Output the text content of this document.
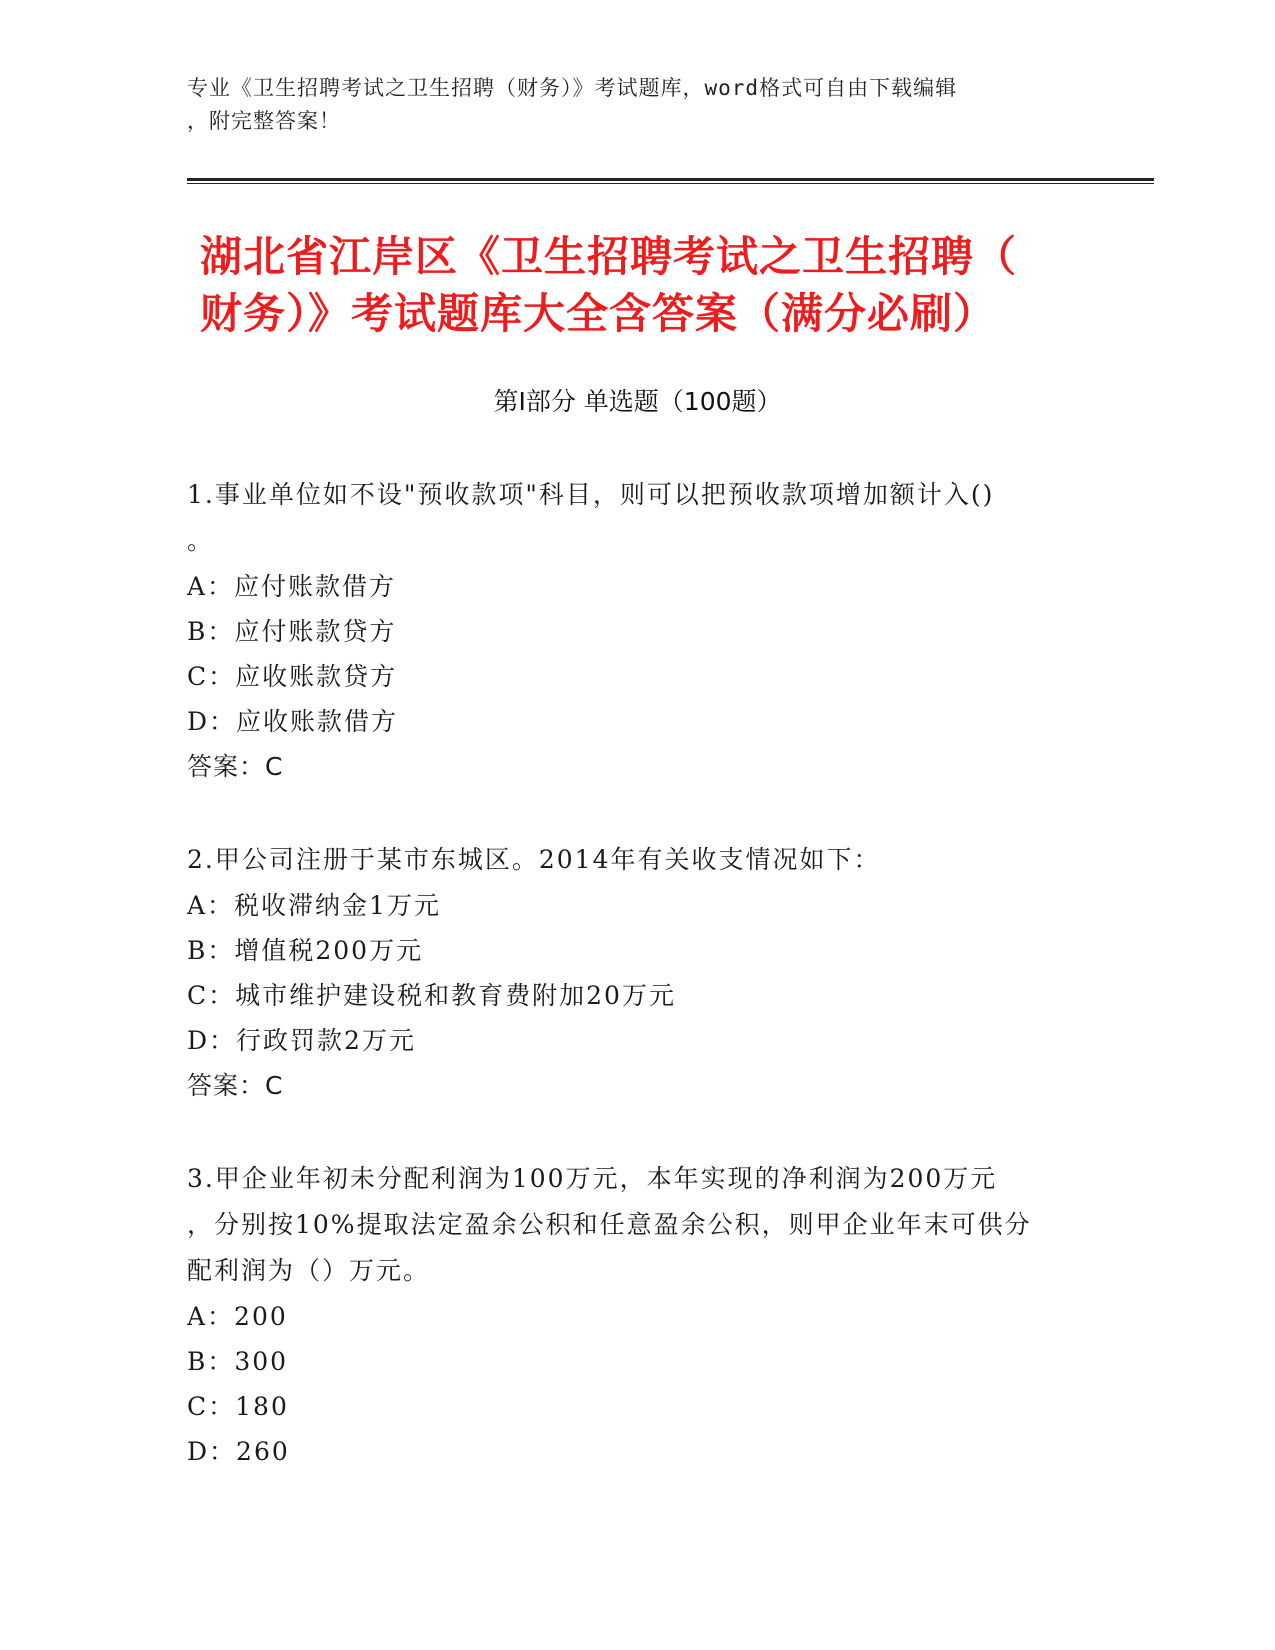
专业《卫生招聘考试之卫生招聘（财务）》考试题库，word格式可自由下载编辑
，附完整答案！
湖北省江岸区《卫生招聘考试之卫生招聘（
财务）》考试题库大全含答案（满分必刷）
第Ⅰ部分 单选题（100题）
1.事业单位如不设"预收款项"科目，则可以把预收款项增加额计入()
。
A：应付账款借方
B：应付账款贷方
C：应收账款贷方
D：应收账款借方
答案：C
2.甲公司注册于某市东城区。2014年有关收支情况如下：
A：税收滞纳金1万元
B：增值税200万元
C：城市维护建设税和教育费附加20万元
D：行政罚款2万元
答案：C
3.甲企业年初未分配利润为100万元，本年实现的净利润为200万元
，分别按10%提取法定盈余公积和任意盈余公积，则甲企业年末可供分
配利润为（）万元。
A：200
B：300
C：180
D：260
